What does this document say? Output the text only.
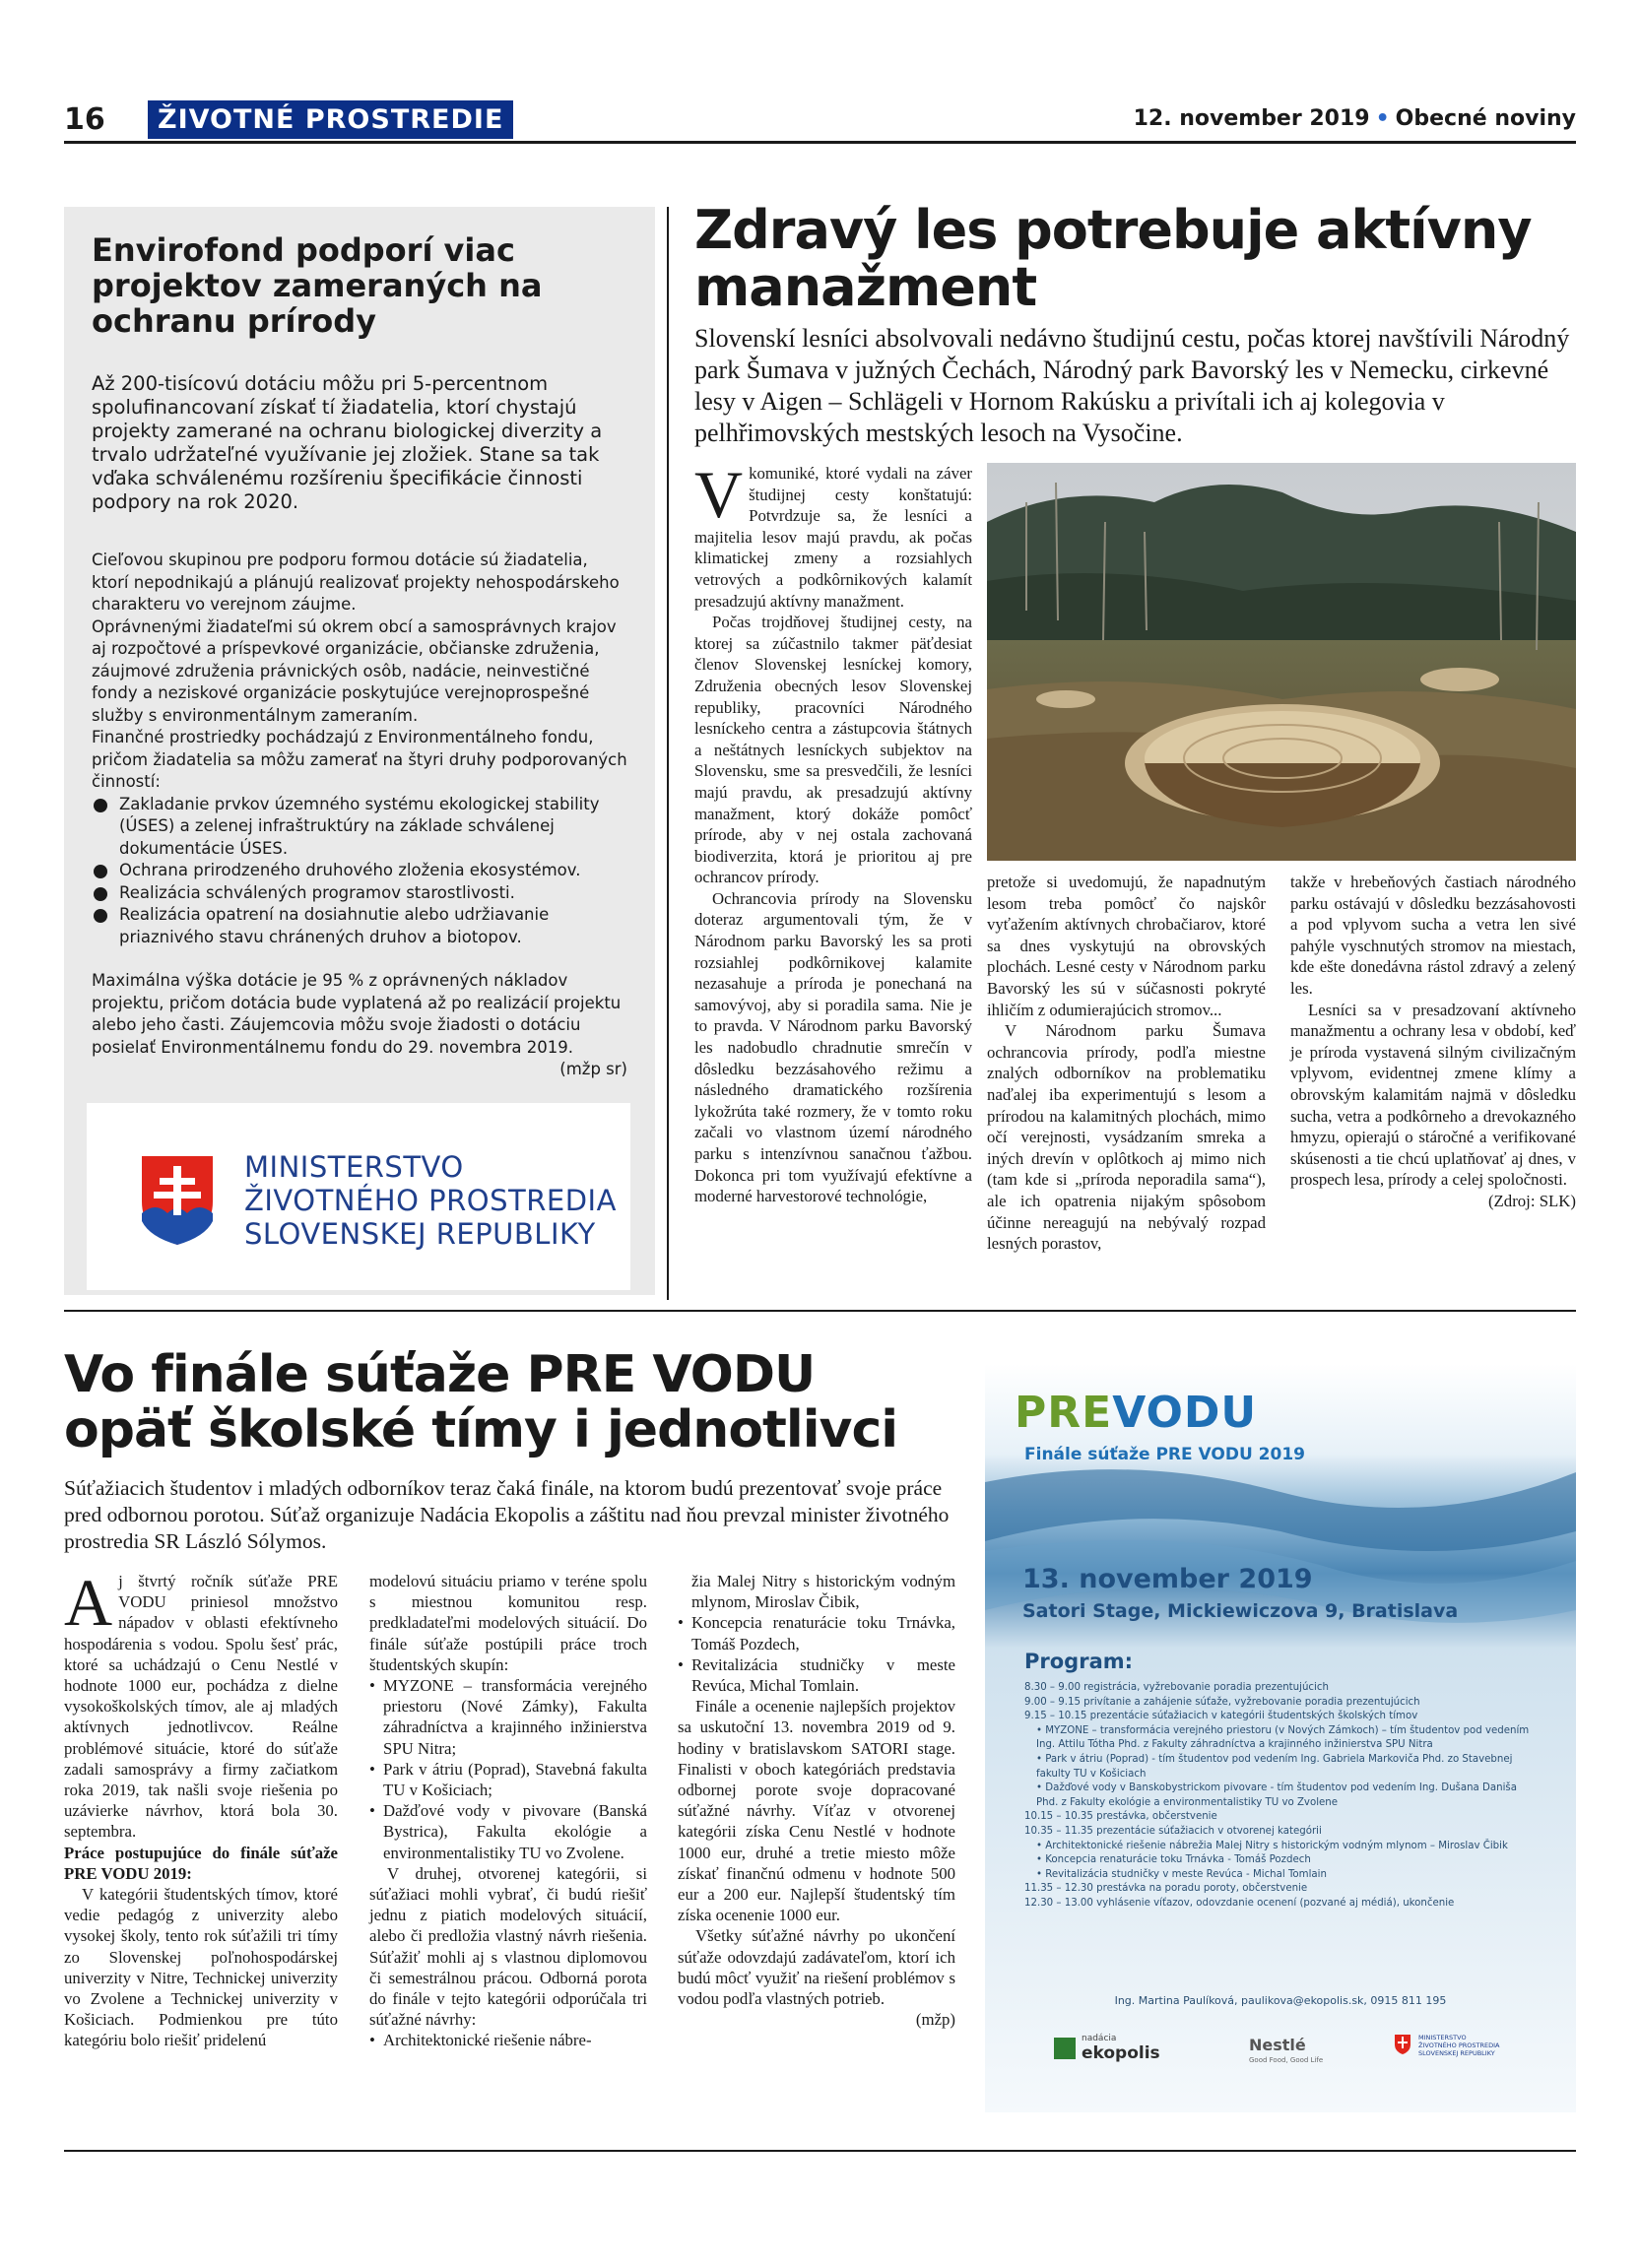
16	ŽIVOTNÉ PROSTREDIE	12. november 2019 • Obecné noviny
Envirofond podporí viac projektov zameraných na ochranu prírody

Až 200-tisícovú dotáciu môžu pri 5-percentnom spolufinancovaní získať tí žiadatelia, ktorí chystajú projekty zamerané na ochranu biologickej diverzity a trvalo udržateľné využívanie jej zložiek. Stane sa tak vďaka schválenému rozšíreniu špecifikácie činnosti podpory na rok 2020.

Cieľovou skupinou pre podporu formou dotácie sú žiadatelia, ktorí nepodnikajú a plánujú realizovať projekty nehospodárskeho charakteru vo verejnom záujme.

Oprávnenými žiadateľmi sú okrem obcí a samosprávnych krajov aj rozpočtové a príspevkové organizácie, občianske združenia, záujmové združenia právnických osôb, nadácie, neinvestičné fondy a neziskové organizácie poskytujúce verejnoprospešné služby s environmentálnym zameraním.

Finančné prostriedky pochádzajú z Environmentálneho fondu, pričom žiadatelia sa môžu zamerať na štyri druhy podporovaných činností:

Zakladanie prvkov územného systému ekologickej stability (ÚSES) a zelenej infraštruktúry na základe schválenej dokumentácie ÚSES.
Ochrana prirodzeného druhového zloženia ekosystémov.
Realizácia schválených programov starostlivosti.
Realizácia opatrení na dosiahnutie alebo udržiavanie priaznivého stavu chránených druhov a biotopov.

Maximálna výška dotácie je 95 % z oprávnených nákladov projektu, pričom dotácia bude vyplatená až po realizácií projektu alebo jeho časti. Záujemcovia môžu svoje žiadosti o dotáciu posielať Environmentálnemu fondu do 29. novembra 2019.

(mžp sr)

MINISTERSTVO
ŽIVOTNÉHO PROSTREDIA
SLOVENSKEJ REPUBLIKY
Zdravý les potrebuje aktívny manažment

Slovenskí lesníci absolvovali nedávno študijnú cestu, počas ktorej navštívili Národný park Šumava v južných Čechách, Národný park Bavorský les v Nemecku, cirkevné lesy v Aigen – Schlägeli v Hornom Rakúsku a privítali ich aj kolegovia v pelhřimovských mestských lesoch na Vysočine.

Vkomuniké, ktoré vydali na záver študijnej cesty konštatujú: Potvrdzuje sa, že lesníci a majitelia lesov majú pravdu, ak počas klimatickej zmeny a rozsiahlych vetrových a podkôrnikových kalamít presadzujú aktívny manažment.

Počas trojdňovej študijnej cesty, na ktorej sa zúčastnilo takmer päťdesiat členov Slovenskej lesníckej komory, Združenia obecných lesov Slovenskej republiky, pracovníci Národného lesníckeho centra a zástupcovia štátnych a neštátnych lesníckych subjektov na Slovensku, sme sa presvedčili, že lesníci majú pravdu, ak presadzujú aktívny manažment, ktorý dokáže pomôcť prírode, aby v nej ostala zachovaná biodiverzita, ktorá je prioritou aj pre ochrancov prírody.

Ochrancovia prírody na Slovensku doteraz argumentovali tým, že v Národnom parku Bavorský les sa proti rozsiahlej podkôrnikovej kalamite nezasahuje a príroda je ponechaná na samovývoj, aby si poradila sama. Nie je to pravda. V Národnom parku Bavorský les nadobudlo chradnutie smrečín v dôsledku bezzásahového režimu a následného dramatického rozšírenia lykožrúta také rozmery, že v tomto roku začali vo vlastnom území národného parku s intenzívnou sanačnou ťažbou. Dokonca pri tom využívajú efektívne a moderné harvestorové technológie,

pretože si uvedomujú, že napadnutým lesom treba pomôcť čo najskôr vyťažením aktívnych chrobačiarov, ktoré sa dnes vyskytujú na obrovských plochách. Lesné cesty v Národnom parku Bavorský les sú v súčasnosti pokryté ihličím z odumierajúcich stromov...

V Národnom parku Šumava ochrancovia prírody, podľa miestne znalých odborníkov na problematiku naďalej iba experimentujú s lesom a prírodou na kalamitných plochách, mimo očí verejnosti, vysádzaním smreka a iných drevín v oplôtkoch aj mimo nich (tam kde si „príroda neporadila sama“), ale ich opatrenia nijakým spôsobom účinne nereagujú na nebývalý rozpad lesných porastov,

takže v hrebeňových častiach národného parku ostávajú v dôsledku bezzásahovosti a pod vplyvom sucha a vetra len sivé pahýle vyschnutých stromov na miestach, kde ešte donedávna rástol zdravý a zelený les.

Lesníci sa v presadzovaní aktívneho manažmentu a ochrany lesa v období, keď je príroda vystavená silným civilizačným vplyvom, evidentnej zmene klímy a obrovským kalamitám najmä v dôsledku sucha, vetra a podkôrneho a drevokazného hmyzu, opierajú o stáročné a verifikované skúsenosti a tie chcú uplatňovať aj dnes, v prospech lesa, prírody a celej spoločnosti.

(Zdroj: SLK)

Vo finále súťaže PRE VODU opäť školské tímy i jednotlivci

Súťažiacich študentov i mladých odborníkov teraz čaká finále, na ktorom budú prezentovať svoje práce pred odbornou porotou. Súťaž organizuje Nadácia Ekopolis a záštitu nad ňou prevzal minister životného prostredia SR László Sólymos.

Aj štvrtý ročník súťaže PRE VODU priniesol množstvo nápadov v oblasti efektívneho hospodárenia s vodou. Spolu šesť prác, ktoré sa uchádzajú o Cenu Nestlé v hodnote 1000 eur, pochádza z dielne vysokoškolských tímov, ale aj mladých aktívnych jednotlivcov. Reálne problémové situácie, ktoré do súťaže zadali samosprávy a firmy začiatkom roka 2019, tak našli svoje riešenia po uzávierke návrhov, ktorá bola 30. septembra.

Práce postupujúce do finále súťaže PRE VODU 2019:

V kategórii študentských tímov, ktoré vedie pedagóg z univerzity alebo vysokej školy, tento rok súťažili tri tímy zo Slovenskej poľnohospodárskej univerzity v Nitre, Technickej univerzity vo Zvolene a Technickej univerzity v Košiciach. Podmienkou pre túto kategóriu bolo riešiť pridelenú

modelovú situáciu priamo v teréne spolu s miestnou komunitou resp. predkladateľmi modelových situácií. Do finále súťaže postúpili práce troch študentských skupín:

• MYZONE – transformácia verejného priestoru (Nové Zámky), Fakulta záhradníctva a krajinného inžinierstva SPU Nitra;
• Park v átriu (Poprad), Stavebná fakulta TU v Košiciach;
• Dažďové vody v pivovare (Banská Bystrica), Fakulta ekológie a environmentalistiky TU vo Zvolene.

V druhej, otvorenej kategórii, si súťažiaci mohli vybrať, či budú riešiť jednu z piatich modelových situácií, alebo či predložia vlastný návrh riešenia. Súťažiť mohli aj s vlastnou diplomovou či semestrálnou prácou. Odborná porota do finále v tejto kategórii odporúčala tri súťažné návrhy:

• Architektonické riešenie nábre-

žia Malej Nitry s historickým vodným mlynom, Miroslav Čibik,

• Koncepcia renaturácie toku Trnávka, Tomáš Pozdech,
• Revitalizácia studničky v meste Revúca, Michal Tomlain.

Finále a ocenenie najlepších projektov sa uskutoční 13. novembra 2019 od 9. hodiny v bratislavskom SATORI stage. Finalisti v oboch kategóriách predstavia odbornej porote svoje dopracované súťažné návrhy. Víťaz v otvorenej kategórii získa Cenu Nestlé v hodnote 1000 eur, druhé a tretie miesto môže získať finančnú odmenu v hodnote 500 eur a 200 eur. Najlepší študentský tím získa ocenenie 1000 eur.

Všetky súťažné návrhy po ukončení súťaže odovzdajú zadávateľom, ktorí ich budú môcť využiť na riešení problémov s vodou podľa vlastných potrieb.

(mžp)

PREVODU
Finále súťaže PRE VODU 2019
13. november 2019
Satori Stage, Mickiewiczova 9, Bratislava
Program:
8.30 – 9.00 registrácia, vyžrebovanie poradia prezentujúcich
9.00 – 9.15 privítanie a zahájenie súťaže, vyžrebovanie poradia prezentujúcich
9.15 – 10.15 prezentácie súťažiacich v kategórii študentských školských tímov
• MYZONE – transformácia verejného priestoru (v Nových Zámkoch) – tím študentov pod vedením Ing. Attilu Tótha Phd. z Fakulty záhradníctva a krajinného inžinierstva SPU Nitra
• Park v átriu (Poprad) - tím študentov pod vedením Ing. Gabriela Markoviča Phd. zo Stavebnej fakulty TU v Košiciach
• Dažďové vody v Banskobystrickom pivovare - tím študentov pod vedením Ing. Dušana Daniša Phd. z Fakulty ekológie a environmentalistiky TU vo Zvolene
10.15 – 10.35 prestávka, občerstvenie
10.35 – 11.35 prezentácie súťažiacich v otvorenej kategórii
• Architektonické riešenie nábrežia Malej Nitry s historickým vodným mlynom – Miroslav Čibik
• Koncepcia renaturácie toku Trnávka - Tomáš Pozdech
• Revitalizácia studničky v meste Revúca - Michal Tomlain
11.35 – 12.30 prestávka na poradu poroty, občerstvenie
12.30 – 13.00 vyhlásenie víťazov, odovzdanie ocenení (pozvané aj médiá), ukončenie
Ing. Martina Paulíková, paulikova@ekopolis.sk, 0915 811 195
nadácia
ekopolis	Nestlé
Good Food, Good Life
MINISTERSTVO
ŽIVOTNÉHO PROSTREDIA
SLOVENSKEJ REPUBLIKY
